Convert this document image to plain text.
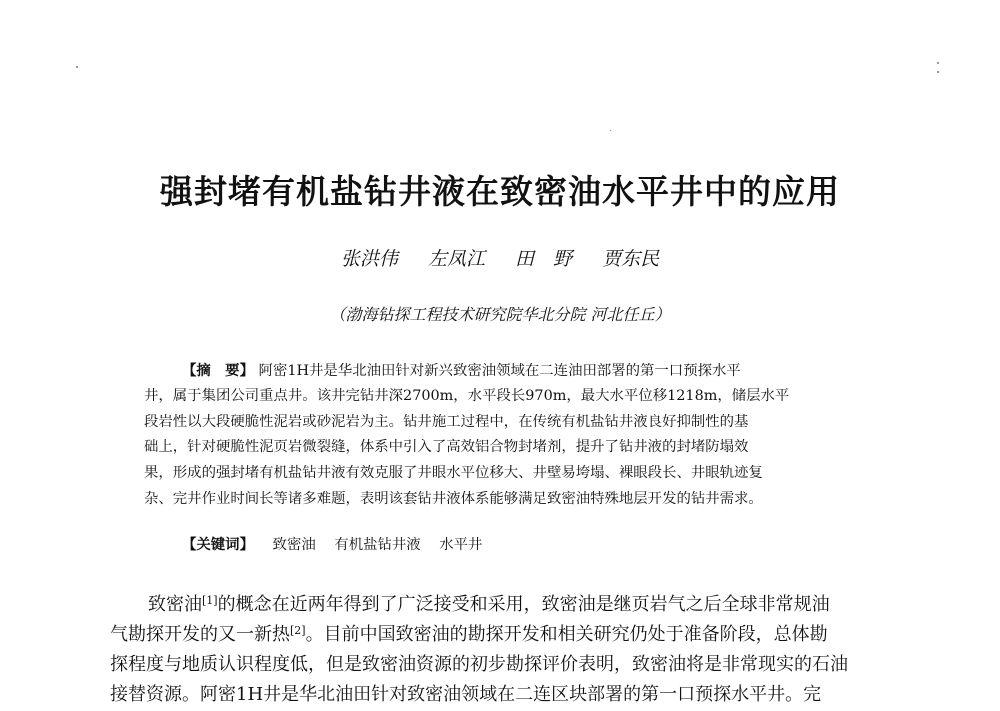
强封堵有机盐钻井液在致密油水平井中的应用
张洪伟 左凤江 田　野 贾东民
（渤海钻探工程技术研究院华北分院 河北任丘）
【摘　要】 阿密1H井是华北油田针对新兴致密油领域在二连油田部署的第一口预探水平
井，属于集团公司重点井。该井完钻井深2700m，水平段长970m，最大水平位移1218m，储层水平
段岩性以大段硬脆性泥岩或砂泥岩为主。钻井施工过程中，在传统有机盐钻井液良好抑制性的基
础上，针对硬脆性泥页岩微裂缝，体系中引入了高效铝合物封堵剂，提升了钻井液的封堵防塌效
果，形成的强封堵有机盐钻井液有效克服了井眼水平位移大、井壁易垮塌、裸眼段长、井眼轨迹复
杂、完井作业时间长等诸多难题，表明该套钻井液体系能够满足致密油特殊地层开发的钻井需求。
【关键词】 致密油 有机盐钻井液 水平井
致密油[1]的概念在近两年得到了广泛接受和采用，致密油是继页岩气之后全球非常规油
气勘探开发的又一新热[2]。目前中国致密油的勘探开发和相关研究仍处于准备阶段，总体勘
探程度与地质认识程度低，但是致密油资源的初步勘探评价表明，致密油将是非常现实的石油
接替资源。阿密1H井是华北油田针对致密油领域在二连区块部署的第一口预探水平井。完
